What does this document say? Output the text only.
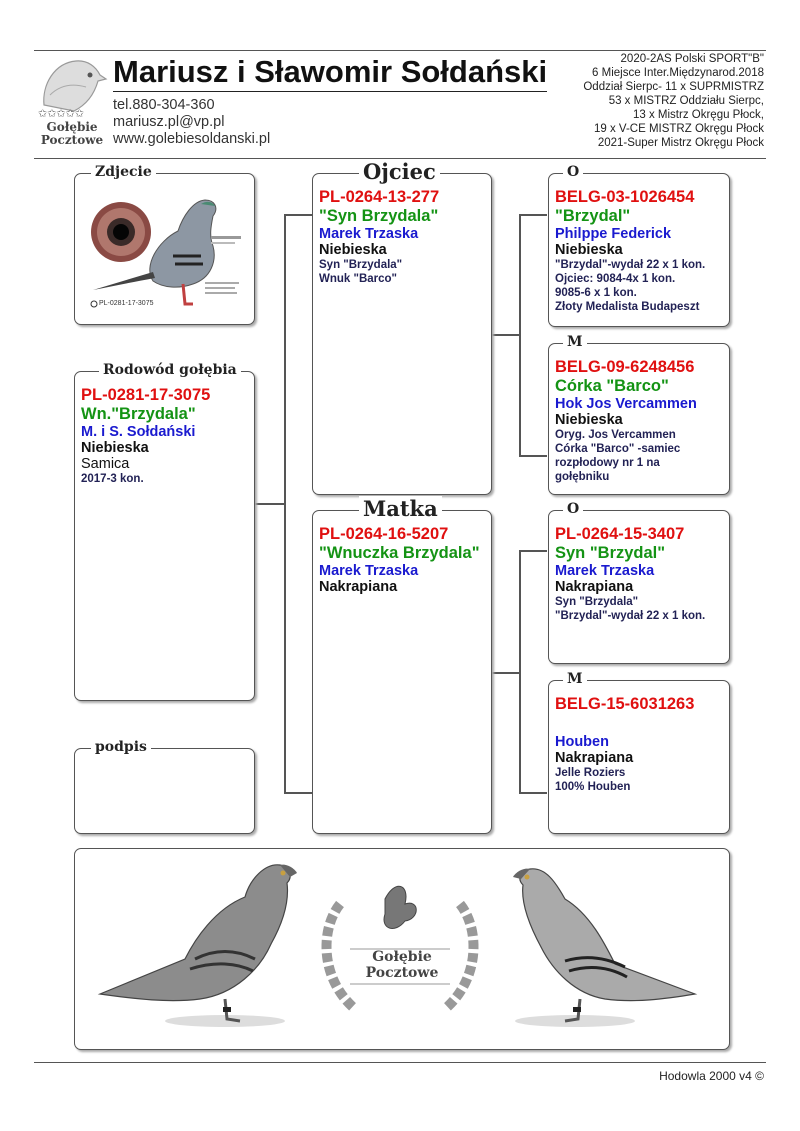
✩✩✩✩✩
Gołębie
Pocztowe
Mariusz i Sławomir Sołdański
tel.880-304-360
mariusz.pl@vp.pl
www.golebiesoldanski.pl
2020-2AS Polski SPORT"B"
6 Miejsce Inter.Międzynarod.2018
Oddział Sierpc- 11 x SUPRMISTRZ
53 x MISTRZ Oddziału Sierpc,
13 x Mistrz Okręgu Płock,
19 x V-CE MISTRZ Okręgu Płock
2021-Super Mistrz Okręgu Płock
Zdjecie
PL-0281-17-3075
Rodowód gołębia
PL-0281-17-3075
Wn."Brzydala"
M. i S. Sołdański
Niebieska
Samica
2017-3 kon.
podpis
Ojciec
PL-0264-13-277
"Syn Brzydala"
Marek Trzaska
Niebieska
Syn "Brzydala"
Wnuk "Barco"
Matka
PL-0264-16-5207
"Wnuczka Brzydala"
Marek Trzaska
Nakrapiana
O
BELG-03-1026454
"Brzydal"
Philppe Federick
Niebieska
"Brzydal"-wydał 22 x 1 kon.
Ojciec: 9084-4x 1 kon.
9085-6 x 1 kon.
Złoty Medalista Budapeszt
M
BELG-09-6248456
Córka "Barco"
Hok Jos Vercammen
Niebieska
Oryg. Jos Vercammen
Córka "Barco" -samiec
rozpłodowy nr 1 na
gołębniku
O
PL-0264-15-3407
Syn "Brzydal"
Marek Trzaska
Nakrapiana
Syn "Brzydala"
"Brzydal"-wydał 22 x 1 kon.
M
BELG-15-6031263
Houben
Nakrapiana
Jelle Roziers
100% Houben
Gołębie
Pocztowe
Hodowla 2000 v4 ©
